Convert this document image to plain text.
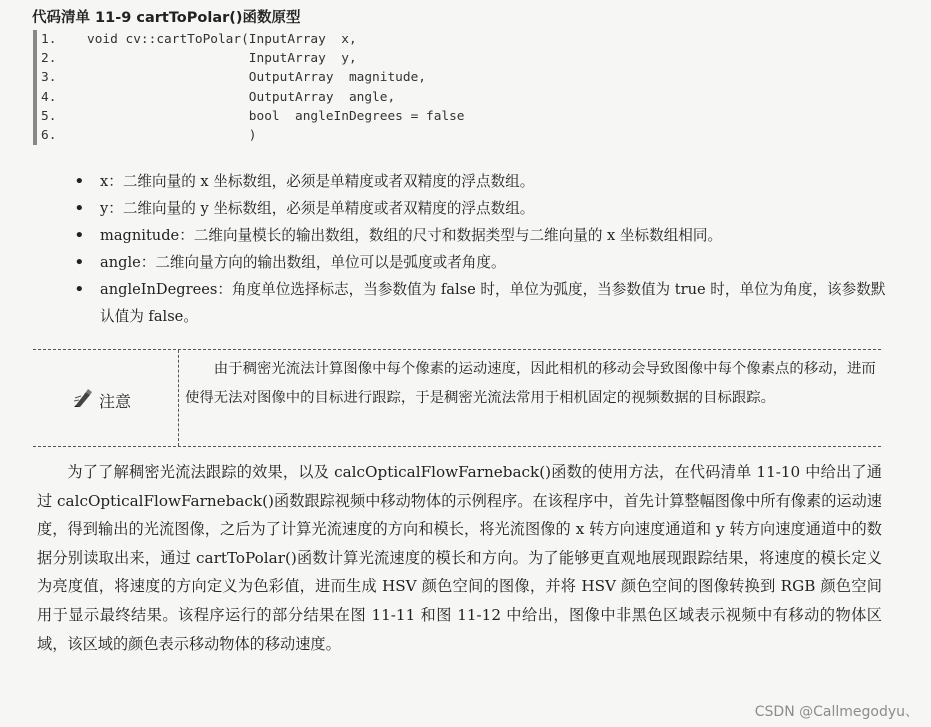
代码清单 11-9 cartToPolar()函数原型
1. void cv::cartToPolar(InputArray  x,
2.                     InputArray  y,
3.                     OutputArray  magnitude,
4.                     OutputArray  angle,
5.                     bool  angleInDegrees = false
6.                     )
• x：二维向量的 x 坐标数组，必须是单精度或者双精度的浮点数组。
• y：二维向量的 y 坐标数组，必须是单精度或者双精度的浮点数组。
• magnitude：二维向量模长的输出数组，数组的尺寸和数据类型与二维向量的 x 坐标数组相同。
• angle：二维向量方向的输出数组，单位可以是弧度或者角度。
• angleInDegrees：角度单位选择标志，当参数值为 false 时，单位为弧度，当参数值为 true 时，单位为角度，该参数默认值为 false。
注意
由于稠密光流法计算图像中每个像素的运动速度，因此相机的移动会导致图像中每个像素点的移动，进而使得无法对图像中的目标进行跟踪，于是稠密光流法常用于相机固定的视频数据的目标跟踪。
为了了解稠密光流法跟踪的效果，以及 calcOpticalFlowFarneback()函数的使用方法，在代码清单 11-10 中给出了通过 calcOpticalFlowFarneback()函数跟踪视频中移动物体的示例程序。在该程序中，首先计算整幅图像中所有像素的运动速度，得到输出的光流图像，之后为了计算光流速度的方向和模长，将光流图像的 x 转方向速度通道和 y 转方向速度通道中的数据分别读取出来，通过 cartToPolar()函数计算光流速度的模长和方向。为了能够更直观地展现跟踪结果，将速度的模长定义为亮度值，将速度的方向定义为色彩值，进而生成 HSV 颜色空间的图像，并将 HSV 颜色空间的图像转换到 RGB 颜色空间用于显示最终结果。该程序运行的部分结果在图 11-11 和图 11-12 中给出，图像中非黑色区域表示视频中有移动的物体区域，该区域的颜色表示移动物体的移动速度。
CSDN @Callmegodyu、
